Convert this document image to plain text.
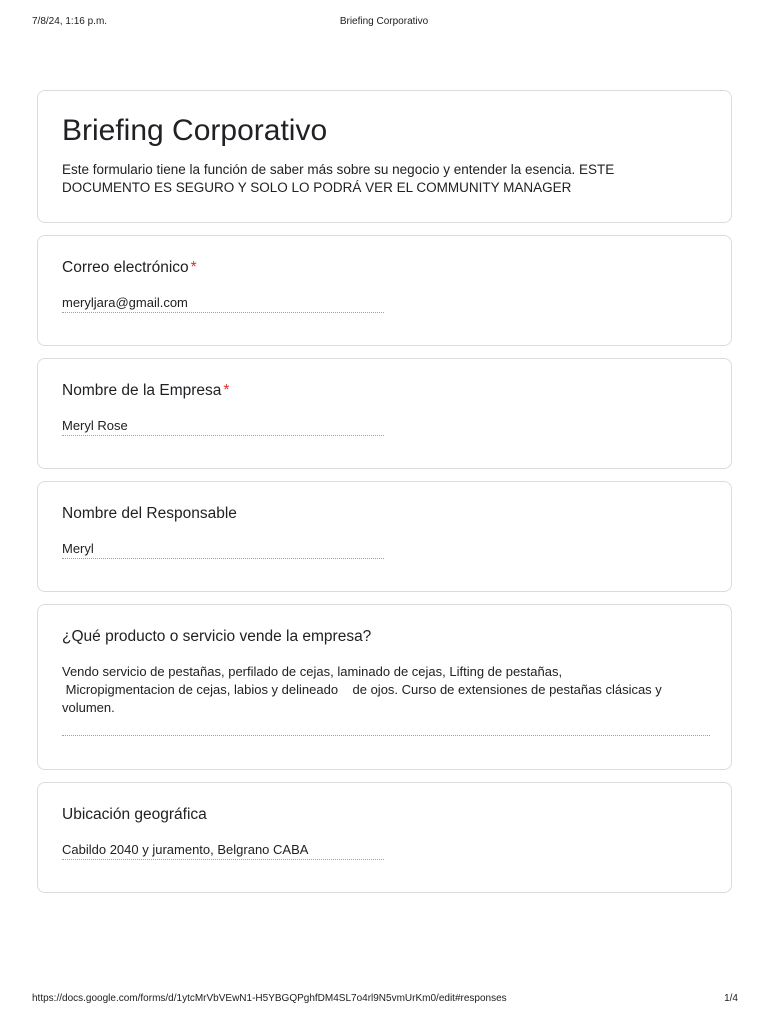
7/8/24, 1:16 p.m.	Briefing Corporativo
Briefing Corporativo

Este formulario tiene la función de saber más sobre su negocio y entender la esencia. ESTE DOCUMENTO ES SEGURO Y SOLO LO PODRÁ VER EL COMMUNITY MANAGER

Correo electrónico *
meryljara@gmail.com
Nombre de la Empresa *
Meryl Rose
Nombre del Responsable
Meryl
¿Qué producto o servicio vende la empresa?
Vendo servicio de pestañas, perfilado de cejas, laminado de cejas, Lifting de pestañas,
Micropigmentacion de cejas, labios y delineado    de ojos. Curso de extensiones de pestañas clásicas y volumen.
Ubicación geográfica
Cabildo 2040 y juramento, Belgrano CABA
https://docs.google.com/forms/d/1ytcMrVbVEwN1-H5YBGQPghfDM4SL7o4rl9N5vmUrKm0/edit#responses	1/4
